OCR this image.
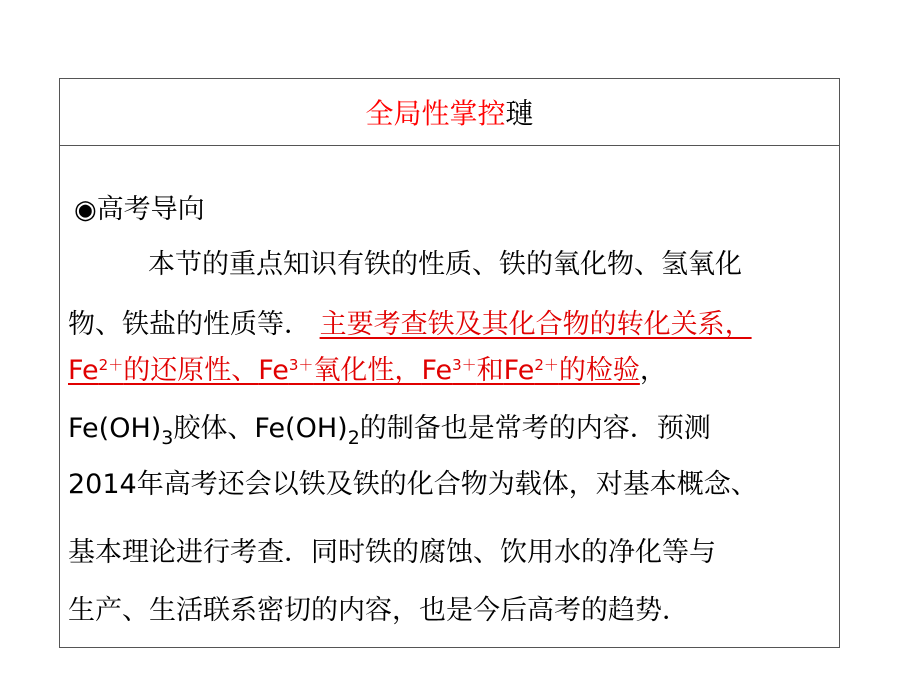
全局性掌控 璉
◉高考导向
本节的重点知识有铁的性质、铁的氧化物、氢氧化
物、铁盐的性质等． 主要考查铁及其化合物的转化关系，
$Fe^{2+}$的还原性、$Fe^{3+}$氧化性，$Fe^{3+}$和$Fe^{2+}$的检验，
$Fe(OH)_3$胶体、$Fe(OH)_2$的制备也是常考的内容．预测
2014年高考还会以铁及铁的化合物为载体，对基本概念、
基本理论进行考查．同时铁的腐蚀、饮用水的净化等与
生产、生活联系密切的内容，也是今后高考的趋势．
